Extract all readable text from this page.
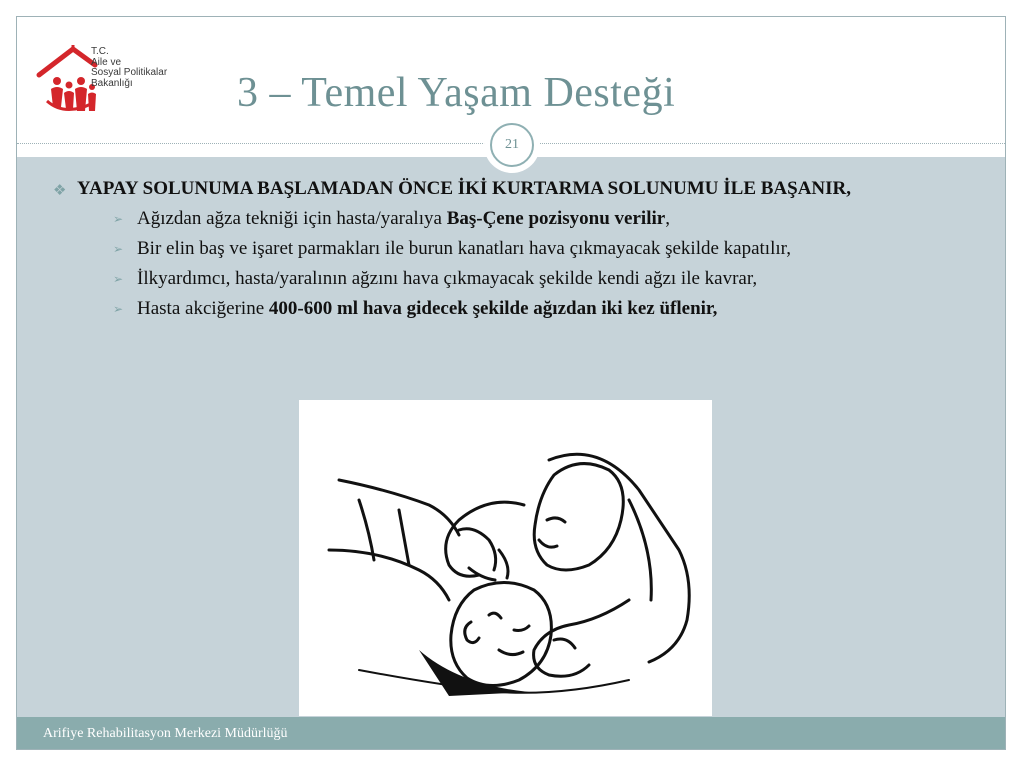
T.C.
Aile ve
Sosyal Politikalar
Bakanlığı	3 – Temel Yaşam Desteği
21
❖ YAPAY SOLUNUMA BAŞLAMADAN ÖNCE İKİ KURTARMA SOLUNUMU İLE BAŞANIR,
➢ Ağızdan ağza tekniği için hasta/yaralıya Baş-Çene pozisyonu verilir,
➢ Bir elin baş ve işaret parmakları ile burun kanatları hava çıkmayacak şekilde kapatılır,
➢ İlkyardımcı, hasta/yaralının ağzını hava çıkmayacak şekilde kendi ağzı ile kavrar,
➢ Hasta akciğerine 400-600 ml hava gidecek şekilde ağızdan iki kez üflenir,
Arifiye Rehabilitasyon Merkezi Müdürlüğü
